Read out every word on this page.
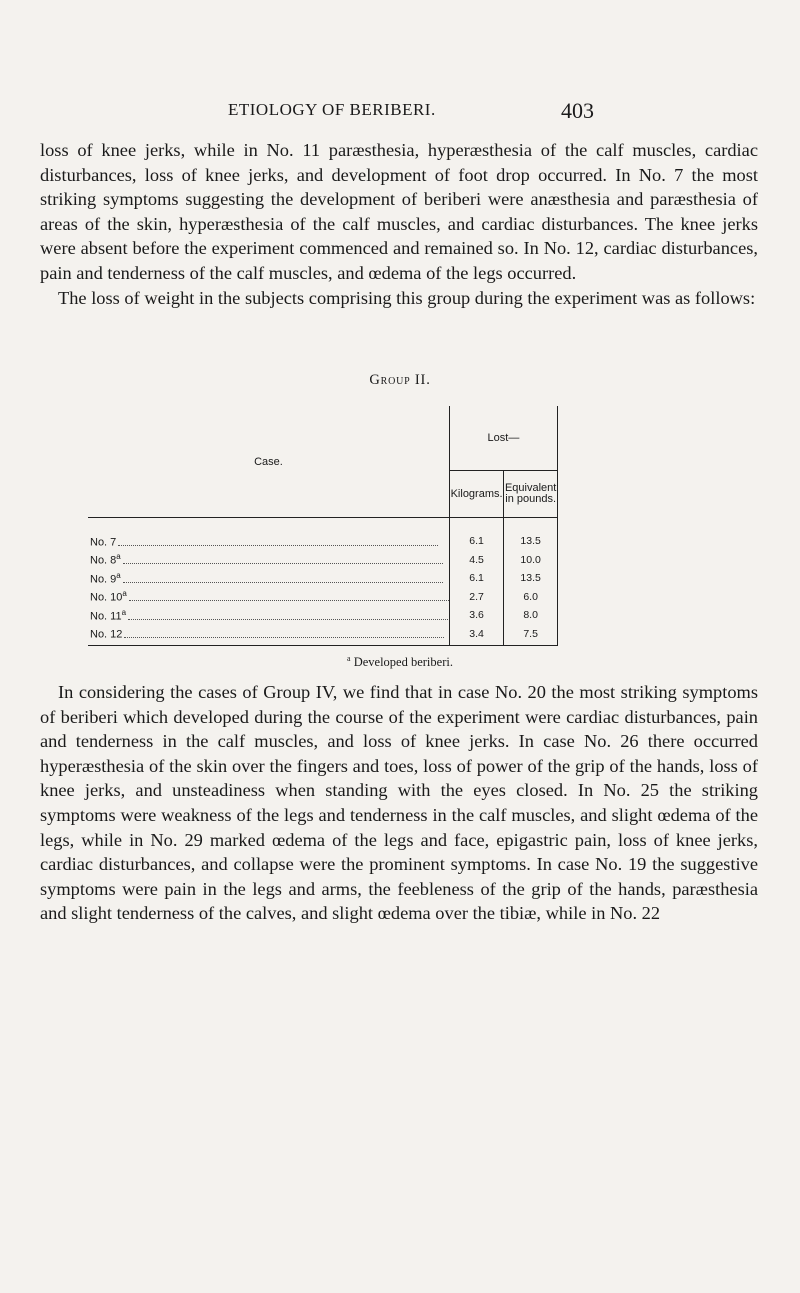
ETIOLOGY OF BERIBERI.	403

loss of knee jerks, while in No. 11 paræsthesia, hyperæsthesia of the calf muscles, cardiac disturbances, loss of knee jerks, and development of foot drop occurred. In No. 7 the most striking symptoms suggesting the development of beriberi were anæsthesia and paræsthesia of areas of the skin, hyperæsthesia of the calf muscles, and cardiac disturbances. The knee jerks were absent before the experiment commenced and remained so. In No. 12, cardiac disturbances, pain and tenderness of the calf muscles, and œdema of the legs occurred.

The loss of weight in the subjects comprising this group during the experiment was as follows:

Group II.
Case.	Lost—	
	Kilograms.	Equivalent
in pounds.
No. 7	6.1	13.5
No. 8$^a$	4.5	10.0
No. 9$^a$	6.1	13.5
No. 10$^a$	2.7	6.0
No. 11$^a$	3.6	8.0
No. 12	3.4	7.5
$^a$ Developed beriberi.

In considering the cases of Group IV, we find that in case No. 20 the most striking symptoms of beriberi which developed during the course of the experiment were cardiac disturbances, pain and tenderness in the calf muscles, and loss of knee jerks. In case No. 26 there occurred hyperæsthesia of the skin over the fingers and toes, loss of power of the grip of the hands, loss of knee jerks, and unsteadiness when standing with the eyes closed. In No. 25 the striking symptoms were weakness of the legs and tenderness in the calf muscles, and slight œdema of the legs, while in No. 29 marked œdema of the legs and face, epigastric pain, loss of knee jerks, cardiac disturbances, and collapse were the prominent symptoms. In case No. 19 the suggestive symptoms were pain in the legs and arms, the feebleness of the grip of the hands, paræsthesia and slight tenderness of the calves, and slight œdema over the tibiæ, while in No. 22
